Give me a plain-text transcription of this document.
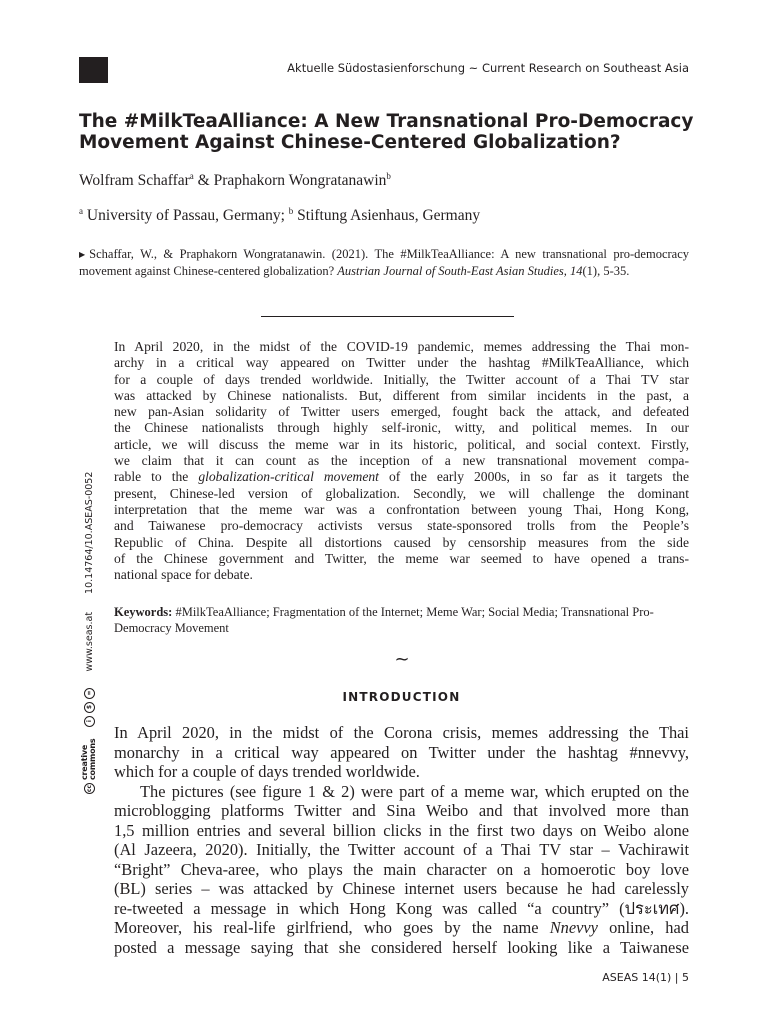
Aktuelle Südostasienforschung ~ Current Research on Southeast Asia
The #MilkTeaAlliance: A New Transnational Pro-Democracy
Movement Against Chinese-Centered Globalization?
Wolfram Schaffar$^a$ & Praphakorn Wongratanawin$^b$
$^a$ University of Passau, Germany; $^b$ Stiftung Asienhaus, Germany
▶ Schaffar, W., & Praphakorn Wongratanawin. (2021). The #MilkTeaAlliance: A new transnational pro-democracy movement against Chinese-centered globalization? Austrian Journal of South-East Asian Studies, 14(1), 5-35.
In April 2020, in the midst of the COVID-19 pandemic, memes addressing the Thai mon-
archy in a critical way appeared on Twitter under the hashtag #MilkTeaAlliance, which
for a couple of days trended worldwide. Initially, the Twitter account of a Thai TV star
was attacked by Chinese nationalists. But, different from similar incidents in the past, a
new pan-Asian solidarity of Twitter users emerged, fought back the attack, and defeated
the Chinese nationalists through highly self-ironic, witty, and political memes. In our
article, we will discuss the meme war in its historic, political, and social context. Firstly,
we claim that it can count as the inception of a new transnational movement compa-
rable to the globalization-critical movement of the early 2000s, in so far as it targets the
present, Chinese-led version of globalization. Secondly, we will challenge the dominant
interpretation that the meme war was a confrontation between young Thai, Hong Kong,
and Taiwanese pro-democracy activists versus state-sponsored trolls from the People’s
Republic of China. Despite all distortions caused by censorship measures from the side
of the Chinese government and Twitter, the meme war seemed to have opened a trans-
national space for debate.
Keywords: #MilkTeaAlliance; Fragmentation of the Internet; Meme War; Social Media; Transnational Pro-Democracy Movement
~
INTRODUCTION
In April 2020, in the midst of the Corona crisis, memes addressing the Thai
monarchy in a critical way appeared on Twitter under the hashtag #nnevvy,
which for a couple of days trended worldwide.
The pictures (see figure 1 & 2) were part of a meme war, which erupted on the
microblogging platforms Twitter and Sina Weibo and that involved more than
1,5 million entries and several billion clicks in the first two days on Weibo alone
(Al Jazeera, 2020). Initially, the Twitter account of a Thai TV star – Vachirawit
“Bright” Cheva-aree, who plays the main character on a homoerotic boy love
(BL) series – was attacked by Chinese internet users because he had carelessly
re-tweeted a message in which Hong Kong was called “a country” (ประเทศ).
Moreover, his real-life girlfriend, who goes by the name Nnevvy online, had
posted a message saying that she considered herself looking like a Taiwanese
cc
creative commons
i
$
=
www.seas.at
10.14764/10.ASEAS-0052
ASEAS 14(1) | 5
